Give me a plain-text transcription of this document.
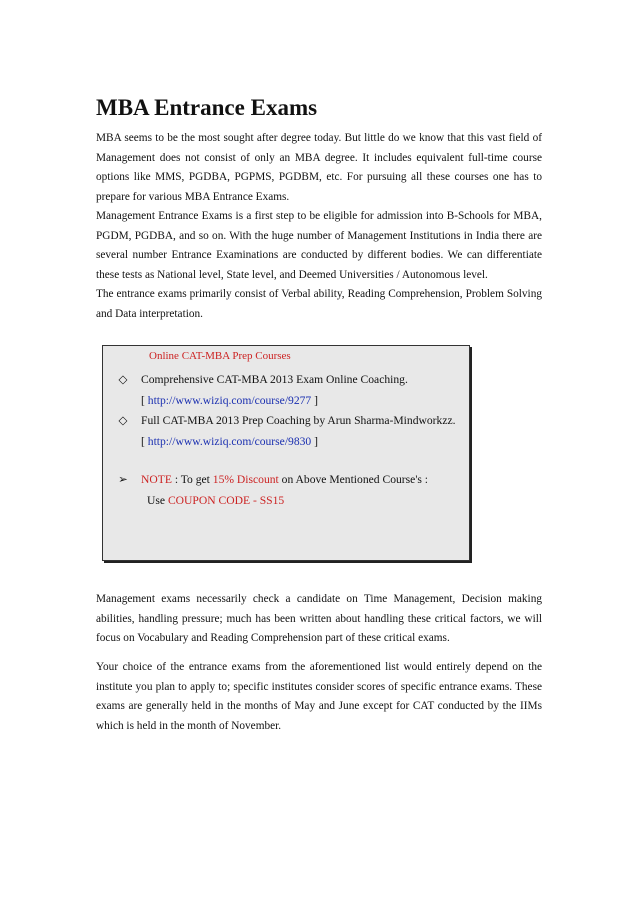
MBA Entrance Exams
MBA seems to be the most sought after degree today. But little do we know that this vast field of Management does not consist of only an MBA degree. It includes equivalent full-time course options like MMS, PGDBA, PGPMS, PGDBM, etc. For pursuing all these courses one has to prepare for various MBA Entrance Exams.
Management Entrance Exams is a first step to be eligible for admission into B-Schools for MBA, PGDM, PGDBA, and so on. With the huge number of Management Institutions in India there are several number Entrance Examinations are conducted by different bodies. We can differentiate these tests as National level, State level, and Deemed Universities / Autonomous level.
The entrance exams primarily consist of Verbal ability, Reading Comprehension, Problem Solving and Data interpretation.
Online CAT-MBA Prep Courses
◇ Comprehensive CAT-MBA 2013 Exam Online Coaching.
[ http://www.wiziq.com/course/9277 ]
◇ Full CAT-MBA 2013 Prep Coaching by Arun Sharma-Mindworkzz.
[ http://www.wiziq.com/course/9830 ]
➢ NOTE : To get 15% Discount on Above Mentioned Course's :
Use COUPON CODE - SS15

Management exams necessarily check a candidate on Time Management, Decision making abilities, handling pressure; much has been written about handling these critical factors, we will focus on Vocabulary and Reading Comprehension part of these critical exams.

Your choice of the entrance exams from the aforementioned list would entirely depend on the institute you plan to apply to; specific institutes consider scores of specific entrance exams. These exams are generally held in the months of May and June except for CAT conducted by the IIMs which is held in the month of November.
